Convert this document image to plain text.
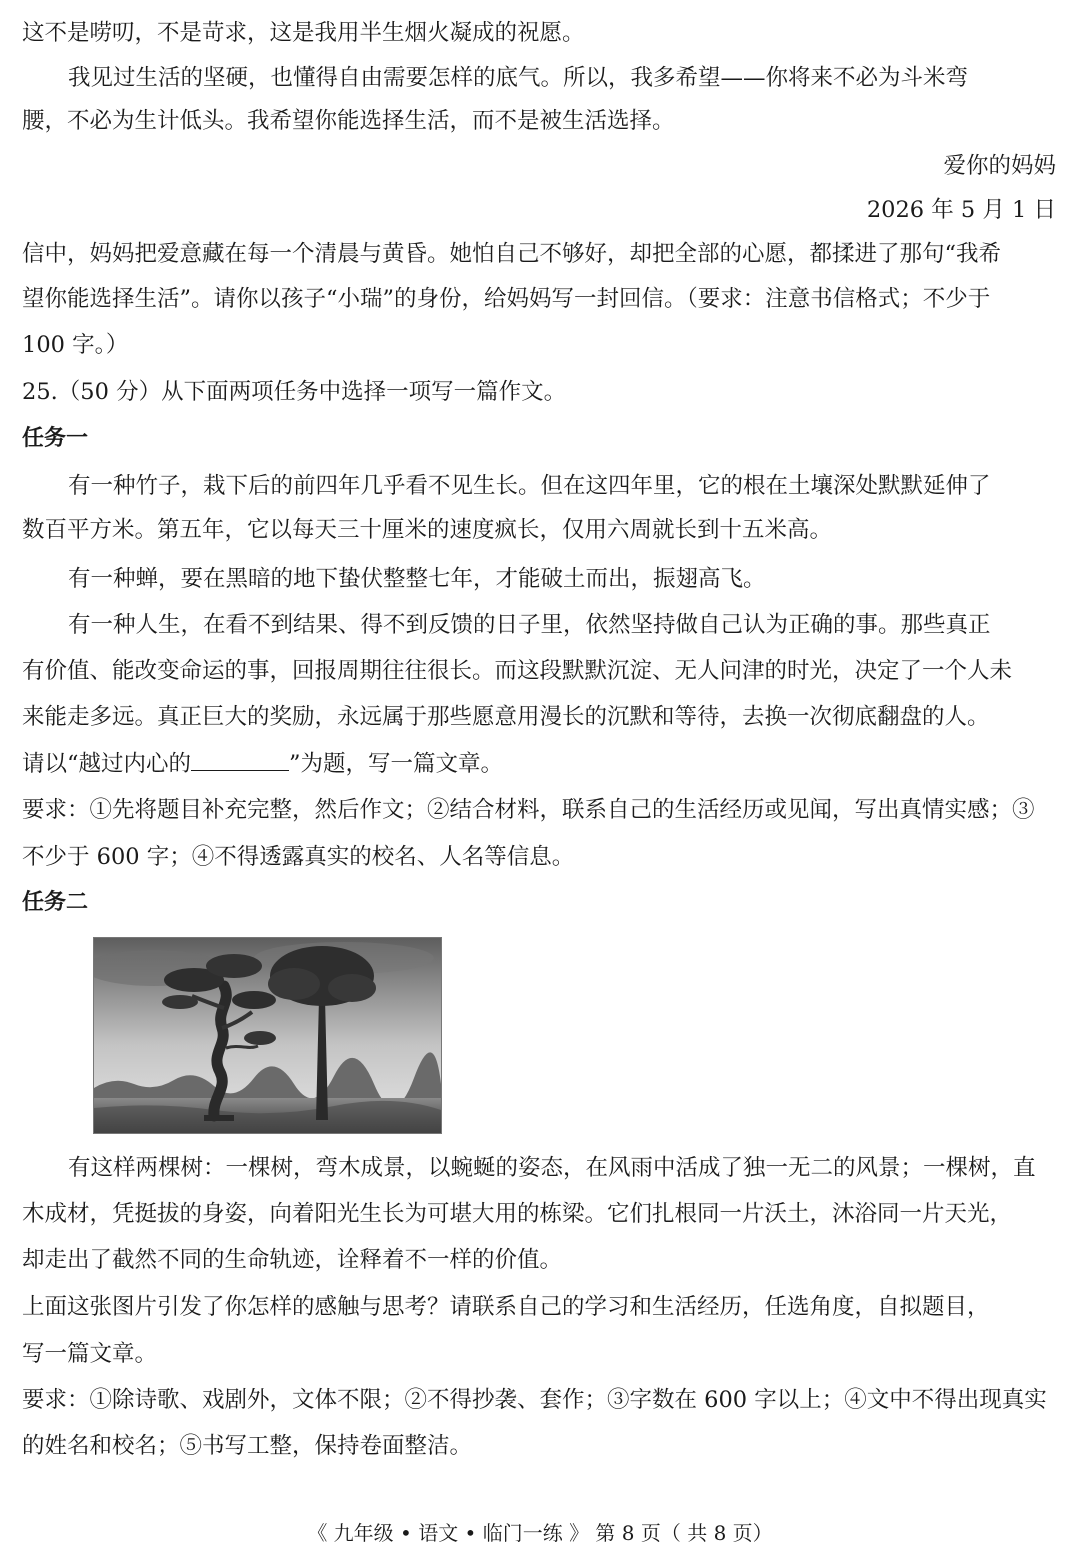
这不是唠叨，不是苛求，这是我用半生烟火凝成的祝愿。
我见过生活的坚硬，也懂得自由需要怎样的底气。所以，我多希望——你将来不必为斗米弯
腰，不必为生计低头。我希望你能选择生活，而不是被生活选择。
爱你的妈妈
2026 年 5 月 1 日
信中，妈妈把爱意藏在每一个清晨与黄昏。她怕自己不够好，却把全部的心愿，都揉进了那句“我希
望你能选择生活”。请你以孩子“小瑞”的身份，给妈妈写一封回信。（要求：注意书信格式；不少于
100 字。）
25.（50 分）从下面两项任务中选择一项 • • • •写一篇作文。
任务一
有一种竹子，栽下后的前四年几乎看不见生长。但在这四年里，它的根在土壤深处默默延伸了
数百平方米。第五年，它以每天三十厘米的速度疯长，仅用六周就长到十五米高。
有一种蝉，要在黑暗的地下蛰伏整整七年，才能破土而出，振翅高飞。
有一种人生，在看不到结果、得不到反馈的日子里，依然坚持做自己认为正确的事。那些真正
有价值、能改变命运的事，回报周期往往很长。而这段默默沉淀、无人问津的时光，决定了一个人未
来能走多远。真正巨大的奖励，永远属于那些愿意用漫长的沉默和等待，去换一次彻底翻盘的人。
请以“越过内心的	”为题，写一篇文章。
要求：①先将题目补充完整，然后作文；②结合材料，联系自己的生活经历或见闻，写出真情实感；③
不少于 600 字；④不得透露真实的校名、人名等信息。
任务二
有这样两棵树：一棵树，弯木成景，以蜿蜒的姿态，在风雨中活成了独一无二的风景；一棵树，直
木成材，凭挺拔的身姿，向着阳光生长为可堪大用的栋梁。它们扎根同一片沃土，沐浴同一片天光，
却走出了截然不同的生命轨迹，诠释着不一样的价值。
上面这张图片引发了你怎样的感触与思考？请联系自己的学习和生活经历，任选角度，自拟题目，
写一篇文章。
要求：①除诗歌、戏剧外，文体不限；②不得抄袭、套作；③字数在 600 字以上；④文中不得出现真实
的姓名和校名；⑤书写工整，保持卷面整洁。
《 九年级 • 语文 • 临门一练 》 第 8 页（ 共 8 页）
